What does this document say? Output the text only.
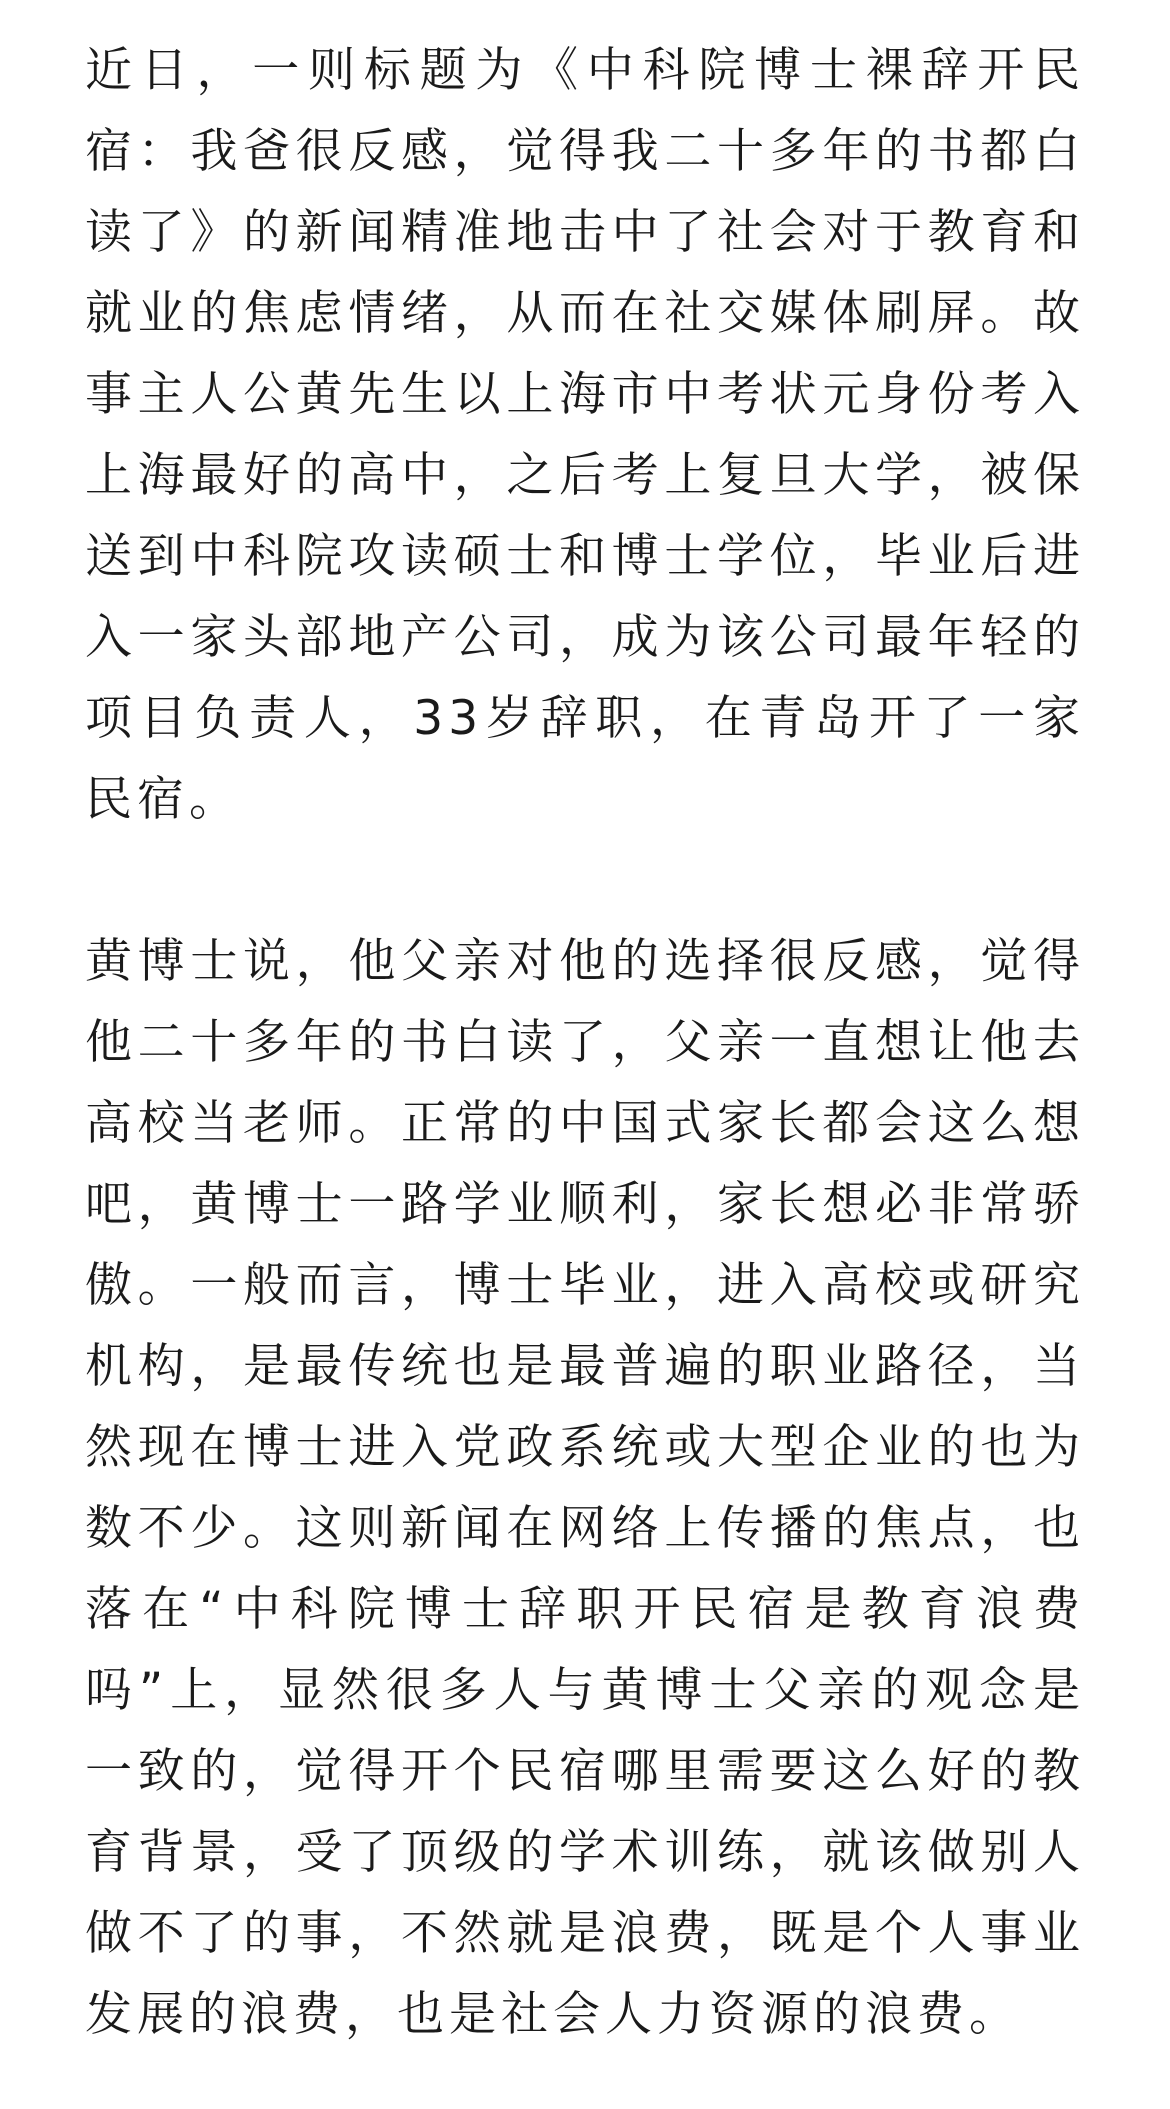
近日，一则标题为《中科院博士裸辞开民宿：我爸很反感，觉得我二十多年的书都白读了》的新闻精准地击中了社会对于教育和就业的焦虑情绪，从而在社交媒体刷屏。故事主人公黄先生以上海市中考状元身份考入上海最好的高中，之后考上复旦大学，被保送到中科院攻读硕士和博士学位，毕业后进入一家头部地产公司，成为该公司最年轻的项目负责人，33岁辞职，在青岛开了一家民宿。

黄博士说，他父亲对他的选择很反感，觉得他二十多年的书白读了，父亲一直想让他去高校当老师。正常的中国式家长都会这么想吧，黄博士一路学业顺利，家长想必非常骄傲。一般而言，博士毕业，进入高校或研究机构，是最传统也是最普遍的职业路径，当然现在博士进入党政系统或大型企业的也为数不少。这则新闻在网络上传播的焦点，也落在“中科院博士辞职开民宿是教育浪费吗”上，显然很多人与黄博士父亲的观念是一致的，觉得开个民宿哪里需要这么好的教育背景，受了顶级的学术训练，就该做别人做不了的事，不然就是浪费，既是个人事业发展的浪费，也是社会人力资源的浪费。
